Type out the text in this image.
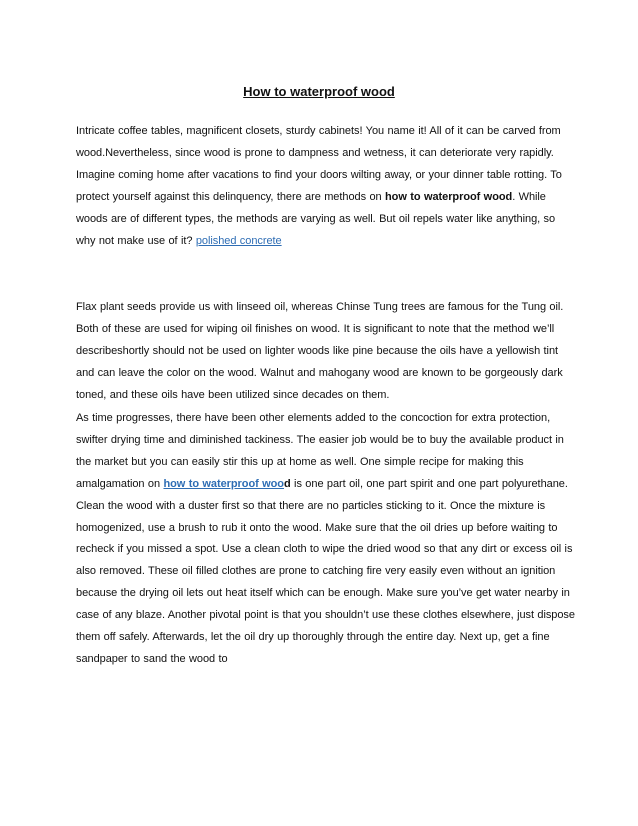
How to waterproof wood

Intricate coffee tables, magnificent closets, sturdy cabinets! You name it! All of it can be carved from wood.Nevertheless, since wood is prone to dampness and wetness, it can deteriorate very rapidly. Imagine coming home after vacations to find your doors wilting away, or your dinner table rotting. To protect yourself against this delinquency, there are methods on how to waterproof wood. While woods are of different types, the methods are varying as well. But oil repels water like anything, so why not make use of it? polished concrete

Flax plant seeds provide us with linseed oil, whereas Chinse Tung trees are famous for the Tung oil. Both of these are used for wiping oil finishes on wood. It is significant to note that the method we’ll describeshortly should not be used on lighter woods like pine because the oils have a yellowish tint and can leave the color on the wood. Walnut and mahogany wood are known to be gorgeously dark toned, and these oils have been utilized since decades on them.

As time progresses, there have been other elements added to the concoction for extra protection, swifter drying time and diminished tackiness. The easier job would be to buy the available product in the market but you can easily stir this up at home as well. One simple recipe for making this amalgamation on how to waterproof wood is one part oil, one part spirit and one part polyurethane. Clean the wood with a duster first so that there are no particles sticking to it. Once the mixture is homogenized, use a brush to rub it onto the wood. Make sure that the oil dries up before waiting to recheck if you missed a spot. Use a clean cloth to wipe the dried wood so that any dirt or excess oil is also removed. These oil filled clothes are prone to catching fire very easily even without an ignition because the drying oil lets out heat itself which can be enough. Make sure you’ve get water nearby in case of any blaze. Another pivotal point is that you shouldn’t use these clothes elsewhere, just dispose them off safely. Afterwards, let the oil dry up thoroughly through the entire day. Next up, get a fine sandpaper to sand the wood to
